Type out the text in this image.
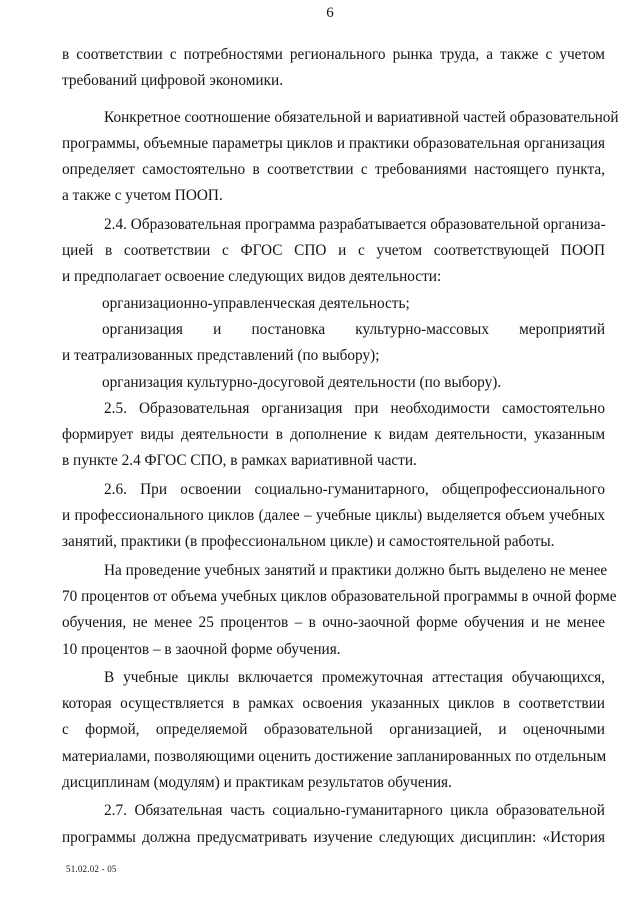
6
в соответствии с потребностями регионального рынка труда, а также с учетом
требований цифровой экономики.
Конкретное соотношение обязательной и вариативной частей образовательной
программы, объемные параметры циклов и практики образовательная организация
определяет самостоятельно в соответствии с требованиями настоящего пункта,
а также с учетом ПООП.
2.4. Образовательная программа разрабатывается образовательной организа-
цией в соответствии с ФГОС СПО и с учетом соответствующей ПООП
и предполагает освоение следующих видов деятельности:
организационно-управленческая деятельность;
организация и постановка культурно-массовых мероприятий
и театрализованных представлений (по выбору);
организация культурно-досуговой деятельности (по выбору).
2.5. Образовательная организация при необходимости самостоятельно
формирует виды деятельности в дополнение к видам деятельности, указанным
в пункте 2.4 ФГОС СПО, в рамках вариативной части.
2.6. При освоении социально-гуманитарного, общепрофессионального
и профессионального циклов (далее – учебные циклы) выделяется объем учебных
занятий, практики (в профессиональном цикле) и самостоятельной работы.
На проведение учебных занятий и практики должно быть выделено не менее
70 процентов от объема учебных циклов образовательной программы в очной форме
обучения, не менее 25 процентов – в очно-заочной форме обучения и не менее
10 процентов – в заочной форме обучения.
В учебные циклы включается промежуточная аттестация обучающихся,
которая осуществляется в рамках освоения указанных циклов в соответствии
с формой, определяемой образовательной организацией, и оценочными
материалами, позволяющими оценить достижение запланированных по отдельным
дисциплинам (модулям) и практикам результатов обучения.
2.7. Обязательная часть социально-гуманитарного цикла образовательной
программы должна предусматривать изучение следующих дисциплин: «История
51.02.02 - 05
